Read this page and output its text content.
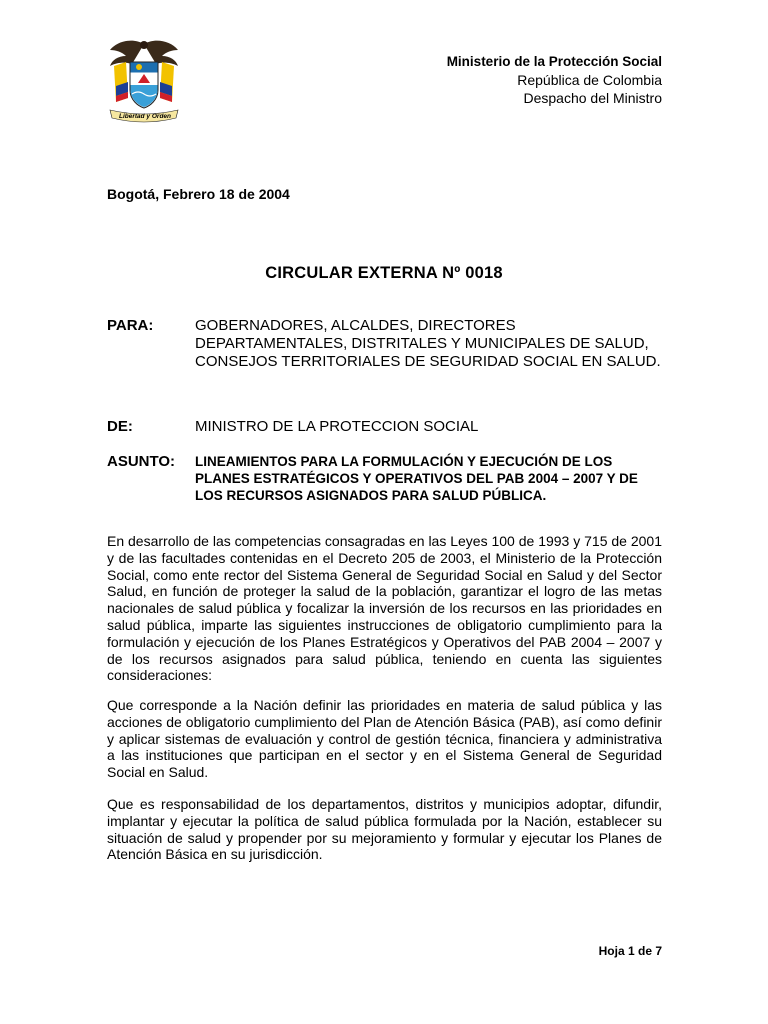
Libertad y Orden
Ministerio de la Protección Social
República de Colombia
Despacho del Ministro
Bogotá, Febrero 18 de 2004
CIRCULAR EXTERNA Nº 0018
PARA:	GOBERNADORES, ALCALDES, DIRECTORES DEPARTAMENTALES, DISTRITALES Y MUNICIPALES DE SALUD, CONSEJOS TERRITORIALES DE SEGURIDAD SOCIAL EN SALUD.
DE:	MINISTRO DE LA PROTECCION SOCIAL
ASUNTO:	LINEAMIENTOS PARA LA FORMULACIÓN Y EJECUCIÓN DE LOS PLANES ESTRATÉGICOS Y OPERATIVOS DEL PAB 2004 – 2007 Y DE LOS RECURSOS ASIGNADOS PARA SALUD PÚBLICA.

En desarrollo de las competencias consagradas en las Leyes 100 de 1993 y 715 de 2001 y de las facultades contenidas en el Decreto 205 de 2003, el Ministerio de la Protección Social, como ente rector del Sistema General de Seguridad Social en Salud y del Sector Salud, en función de proteger la salud de la población, garantizar el logro de las metas nacionales de salud pública y focalizar la inversión de los recursos en las prioridades en salud pública, imparte las siguientes instrucciones de obligatorio cumplimiento para la formulación y ejecución de los Planes Estratégicos y Operativos del PAB 2004 – 2007 y de los recursos asignados para salud pública, teniendo en cuenta las siguientes consideraciones:

Que corresponde a la Nación definir las prioridades en materia de salud pública y las acciones de obligatorio cumplimiento del Plan de Atención Básica (PAB), así como definir y aplicar sistemas de evaluación y control de gestión técnica, financiera y administrativa a las instituciones que participan en el sector y en el Sistema General de Seguridad Social en Salud.

Que es responsabilidad de los departamentos, distritos y municipios adoptar, difundir, implantar y ejecutar la política de salud pública formulada por la Nación, establecer su situación de salud y propender por su mejoramiento y formular y ejecutar los Planes de Atención Básica en su jurisdicción.

Hoja 1 de 7
